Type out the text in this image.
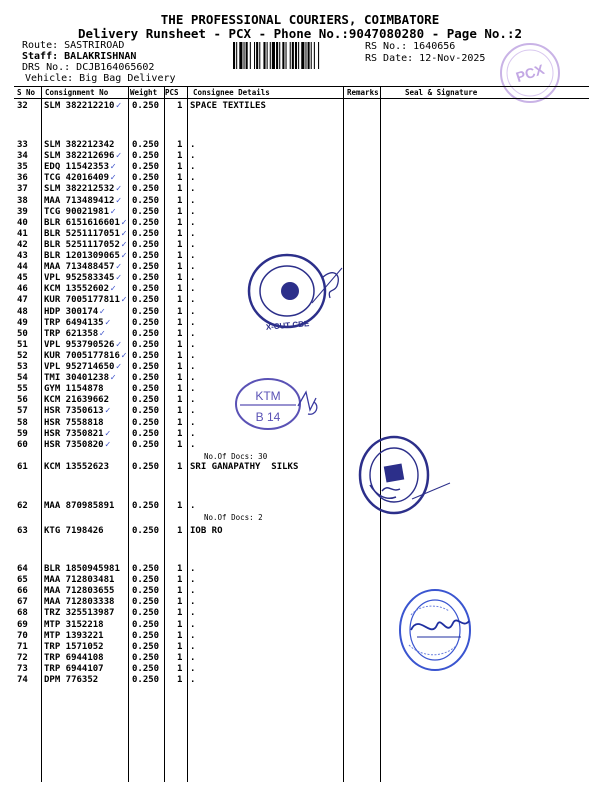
THE PROFESSIONAL COURIERS, COIMBATORE
Delivery Runsheet - PCX - Phone No.:9047080280 - Page No.:2
Route: SASTRIROAD
Staff: BALAKRISHNAN
DRS No.: DCJB164065602
Vehicle: Big Bag Delivery
RS No.: 1640656
RS Date: 12-Nov-2025
PCX
S No Consignment No	Weight PCS Consignee Details	Remarks	Seal & Signature
32 SLM 382212210 ✓ 0.250 1 SPACE TEXTILES
33 SLM 382212342 0.250 1 .
34 SLM 382212696 ✓ 0.250 1 .
35 EDQ 11542353 ✓ 0.250 1 .
36 TCG 42016409 ✓ 0.250 1 .
37 SLM 382212532 ✓ 0.250 1 .
38 MAA 713489412 ✓ 0.250 1 .
39 TCG 90021981 ✓ 0.250 1 .
40 BLR 6151616601 ✓ 0.250 1 .
41 BLR 5251117051 ✓ 0.250 1 .
42 BLR 5251117052 ✓ 0.250 1 .
43 BLR 1201309065 ✓ 0.250 1 .
44 MAA 713488457 ✓ 0.250 1 .
45 VPL 952583345 ✓ 0.250 1 .
46 KCM 13552602 ✓ 0.250 1 .
47 KUR 7005177811 ✓ 0.250 1 .
48 HDP 300174 ✓	0.250 1 .
49 TRP 6494135 ✓ 0.250 1 .
50 TRP 621358 ✓	0.250 1 .
51 VPL 953790526 ✓ 0.250 1 .
52 KUR 7005177816 ✓ 0.250 1 .
53 VPL 952714650 ✓ 0.250 1 .
54 TMI 30401238 ✓ 0.250 1 .
55 GYM 1154878	0.250 1 .
56 KCM 21639662	0.250 1 .
57 HSR 7350613 ✓ 0.250 1 .
58 HSR 7558818	0.250 1 .
59 HSR 7350821 ✓ 0.250 1 .
60 HSR 7350820 ✓ 0.250 1 .
61 KCM 13552623	0.250 1 SRI GANAPATHY  SILKS
62 MAA 870985891 0.250 1 .
63 KTG 7198426	0.250 1 IOB RO
64 BLR 1850945981 0.250 1 .
65 MAA 712803481 0.250 1 .
66 MAA 712803655 0.250 1 .
67 MAA 712803338 0.250 1 .
68 TRZ 325513987 0.250 1 .
69 MTP 3152218	0.250 1 .
70 MTP 1393221	0.250 1 .
71 TRP 1571052	0.250 1 .
72 TRP 6944108	0.250 1 .
73 TRP 6944107	0.250 1 .
74 DPM 776352	0.250 1 .
No.Of Docs: 30
No.Of Docs: 2
X-CUT CBE
KTM
B 14
